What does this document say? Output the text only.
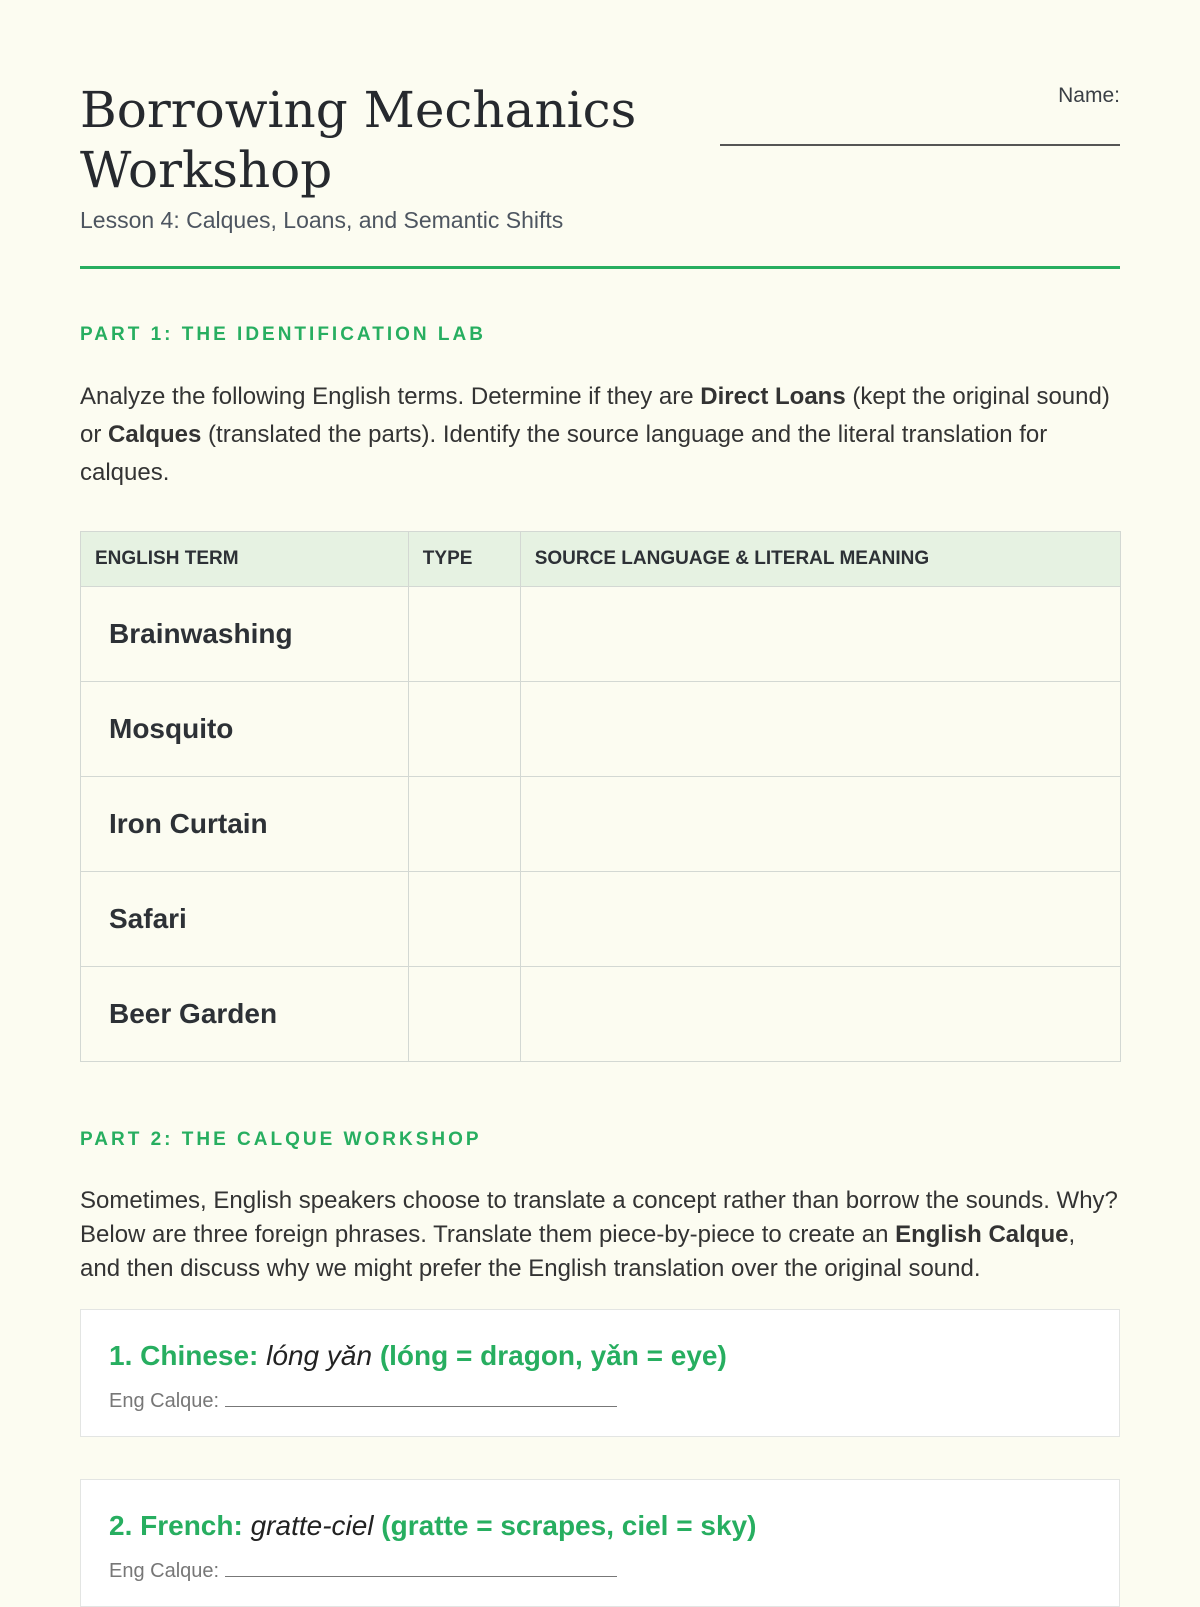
Borrowing Mechanics Workshop

Lesson 4: Calques, Loans, and Semantic Shifts

Name:
PART 1: THE IDENTIFICATION LAB

Analyze the following English terms. Determine if they are Direct Loans (kept the original sound) or Calques (translated the parts). Identify the source language and the literal translation for calques.

ENGLISH TERM	TYPE	SOURCE LANGUAGE & LITERAL MEANING
Brainwashing		
Mosquito		
Iron Curtain		
Safari		
Beer Garden		
PART 2: THE CALQUE WORKSHOP

Sometimes, English speakers choose to translate a concept rather than borrow the sounds. Why? Below are three foreign phrases. Translate them piece-by-piece to create an English Calque, and then discuss why we might prefer the English translation over the original sound.

1. Chinese: lóng yǎn (lóng = dragon, yǎn = eye)

Eng Calque:

2. French: gratte-ciel (gratte = scrapes, ciel = sky)

Eng Calque:
